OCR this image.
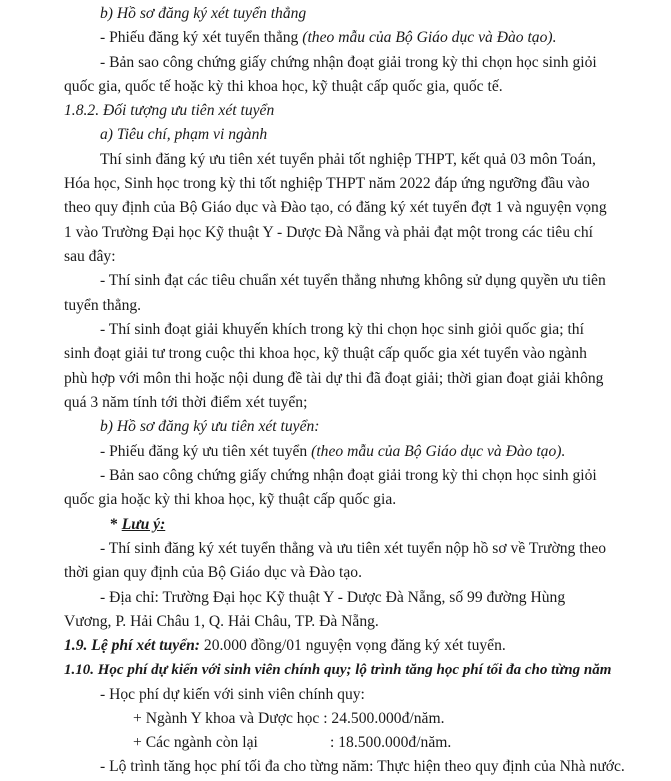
b) Hồ sơ đăng ký xét tuyển thẳng
- Phiếu đăng ký xét tuyển thẳng (theo mẫu của Bộ Giáo dục và Đào tạo).
- Bản sao công chứng giấy chứng nhận đoạt giải trong kỳ thi chọn học sinh giỏi
quốc gia, quốc tế hoặc kỳ thi khoa học, kỹ thuật cấp quốc gia, quốc tế.
1.8.2. Đối tượng ưu tiên xét tuyển
a) Tiêu chí, phạm vi ngành
Thí sinh đăng ký ưu tiên xét tuyển phải tốt nghiệp THPT, kết quả 03 môn Toán,
Hóa học, Sinh học trong kỳ thi tốt nghiệp THPT năm 2022 đáp ứng ngưỡng đầu vào
theo quy định của Bộ Giáo dục và Đào tạo, có đăng ký xét tuyển đợt 1 và nguyện vọng
1 vào Trường Đại học Kỹ thuật Y - Dược Đà Nẵng và phải đạt một trong các tiêu chí
sau đây:
- Thí sinh đạt các tiêu chuẩn xét tuyển thẳng nhưng không sử dụng quyền ưu tiên
tuyển thẳng.
- Thí sinh đoạt giải khuyến khích trong kỳ thi chọn học sinh giỏi quốc gia; thí
sinh đoạt giải tư trong cuộc thi khoa học, kỹ thuật cấp quốc gia xét tuyển vào ngành
phù hợp với môn thi hoặc nội dung đề tài dự thi đã đoạt giải; thời gian đoạt giải không
quá 3 năm tính tới thời điểm xét tuyển;
b) Hồ sơ đăng ký ưu tiên xét tuyển:
- Phiếu đăng ký ưu tiên xét tuyển (theo mẫu của Bộ Giáo dục và Đào tạo).
- Bản sao công chứng giấy chứng nhận đoạt giải trong kỳ thi chọn học sinh giỏi
quốc gia hoặc kỳ thi khoa học, kỹ thuật cấp quốc gia.
* Lưu ý:
- Thí sinh đăng ký xét tuyển thẳng và ưu tiên xét tuyển nộp hồ sơ về Trường theo
thời gian quy định của Bộ Giáo dục và Đào tạo.
- Địa chỉ: Trường Đại học Kỹ thuật Y - Dược Đà Nẵng, số 99 đường Hùng
Vương, P. Hải Châu 1, Q. Hải Châu, TP. Đà Nẵng.
1.9. Lệ phí xét tuyển: 20.000 đồng/01 nguyện vọng đăng ký xét tuyển.
1.10. Học phí dự kiến với sinh viên chính quy; lộ trình tăng học phí tối đa cho từng năm
- Học phí dự kiến với sinh viên chính quy:
+ Ngành Y khoa và Dược học : 24.500.000đ/năm.
+ Các ngành còn lại	: 18.500.000đ/năm.
- Lộ trình tăng học phí tối đa cho từng năm: Thực hiện theo quy định của Nhà nước.
